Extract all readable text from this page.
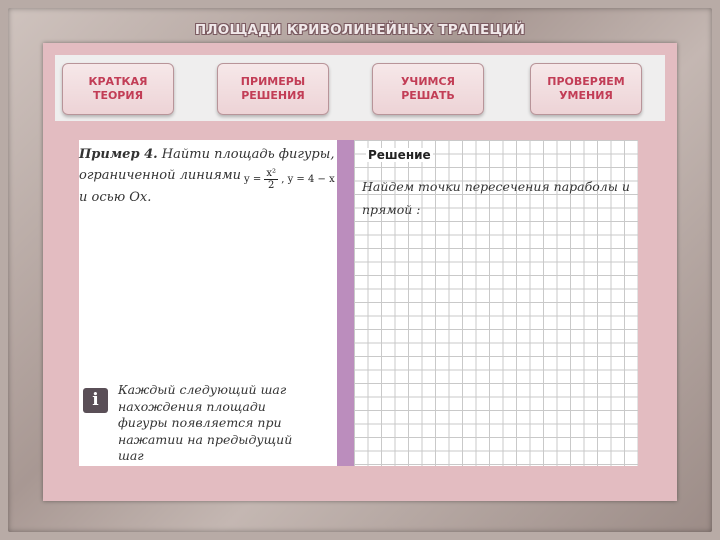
ПЛОЩАДИ КРИВОЛИНЕЙНЫХ ТРАПЕЦИЙ
КРАТКАЯ
ТЕОРИЯ
ПРИМЕРЫ
РЕШЕНИЯ
УЧИМСЯ
РЕШАТЬ
ПРОВЕРЯЕМ
УМЕНИЯ
Пример 4. Найти площадь фигуры,
ограниченной линиями
и осью Ох.
$y = \frac{\text{x²}}{2}$ , y = 4 − x
Решение
Найдем точки пересечения параболы и прямой :
i
Каждый следующий шаг
нахождения площади
фигуры появляется при
нажатии на предыдущий
шаг
